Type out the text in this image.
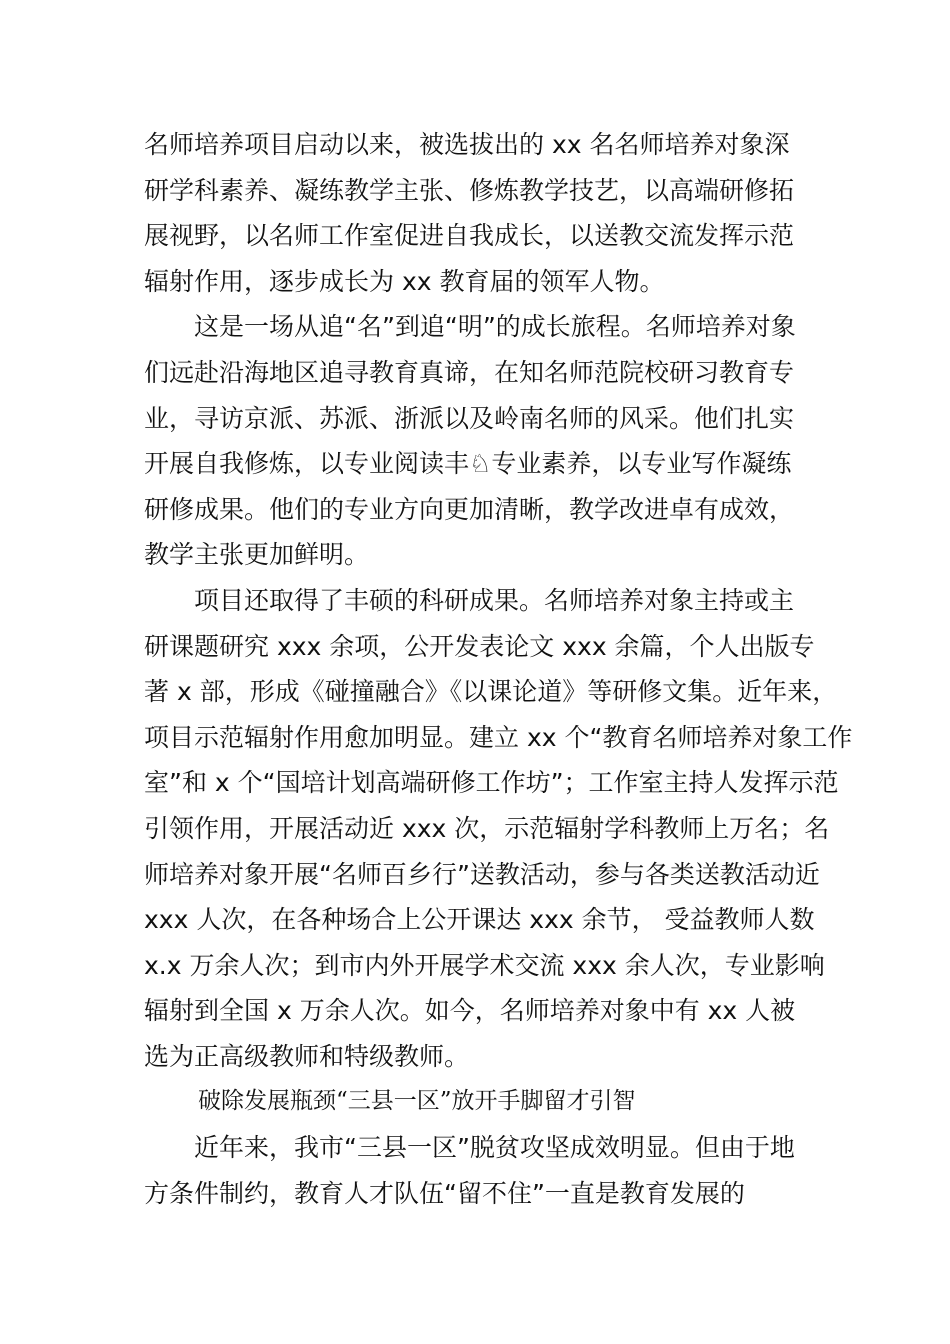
名师培养项目启动以来，被选拔出的 xx 名名师培养对象深
研学科素养、凝练教学主张、修炼教学技艺，以高端研修拓
展视野，以名师工作室促进自我成长，以送教交流发挥示范
辐射作用，逐步成长为 xx 教育届的领军人物。
这是一场从追“名”到追“明”的成长旅程。名师培养对象
们远赴沿海地区追寻教育真谛，在知名师范院校研习教育专
业，寻访京派、苏派、浙派以及岭南名师的风采。他们扎实
开展自我修炼，以专业阅读丰♘专业素养，以专业写作凝练
研修成果。他们的专业方向更加清晰，教学改进卓有成效，
教学主张更加鲜明。
项目还取得了丰硕的科研成果。名师培养对象主持或主
研课题研究 xxx 余项，公开发表论文 xxx 余篇，个人出版专
著 x 部，形成《碰撞融合》《以课论道》等研修文集。近年来，
项目示范辐射作用愈加明显。建立 xx 个“教育名师培养对象工作
室”和 x 个“国培计划高端研修工作坊”；工作室主持人发挥示范
引领作用，开展活动近 xxx 次，示范辐射学科教师上万名；名
师培养对象开展“名师百乡行”送教活动，参与各类送教活动近
xxx 人次，在各种场合上公开课达 xxx 余节， 受益教师人数
x.x 万余人次；到市内外开展学术交流 xxx 余人次，专业影响
辐射到全国 x 万余人次。如今，名师培养对象中有 xx 人被
选为正高级教师和特级教师。
破除发展瓶颈“三县一区”放开手脚留才引智
近年来，我市“三县一区”脱贫攻坚成效明显。但由于地
方条件制约，教育人才队伍“留不住”一直是教育发展的
